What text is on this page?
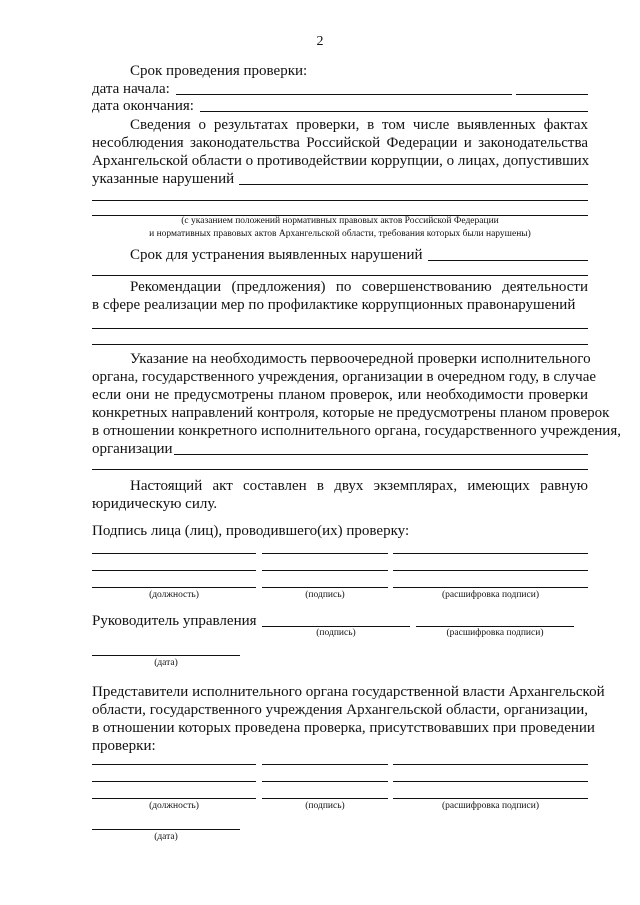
2
Срок проведения проверки:
дата начала:
дата окончания:
Сведения о результатах проверки, в том числе выявленных фактах
несоблюдения законодательства Российской Федерации и законодательства
Архангельской области о противодействии коррупции, о лицах, допустивших
указанные нарушений
(с указанием положений нормативных правовых актов Российской Федерации
и нормативных правовых актов Архангельской области, требования которых были нарушены)
Срок для устранения выявленных нарушений
Рекомендации (предложения) по совершенствованию деятельности
в сфере реализации мер по профилактике коррупционных правонарушений
Указание на необходимость первоочередной проверки исполнительного
органа, государственного учреждения, организации в очередном году, в случае
если они не предусмотрены планом проверок, или необходимости проверки
конкретных направлений контроля, которые не предусмотрены планом проверок
в отношении конкретного исполнительного органа, государственного учреждения,
организации
Настоящий акт составлен в двух экземплярах, имеющих равную
юридическую силу.
Подпись лица (лиц), проводившего(их) проверку:
(должность)	(подпись)	(расшифровка подписи)
Руководитель управления
(подпись)	(расшифровка подписи)
(дата)
Представители исполнительного органа государственной власти Архангельской
области, государственного учреждения Архангельской области, организации,
в отношении которых проведена проверка, присутствовавших при проведении
проверки:
(должность)	(подпись)	(расшифровка подписи)
(дата)
